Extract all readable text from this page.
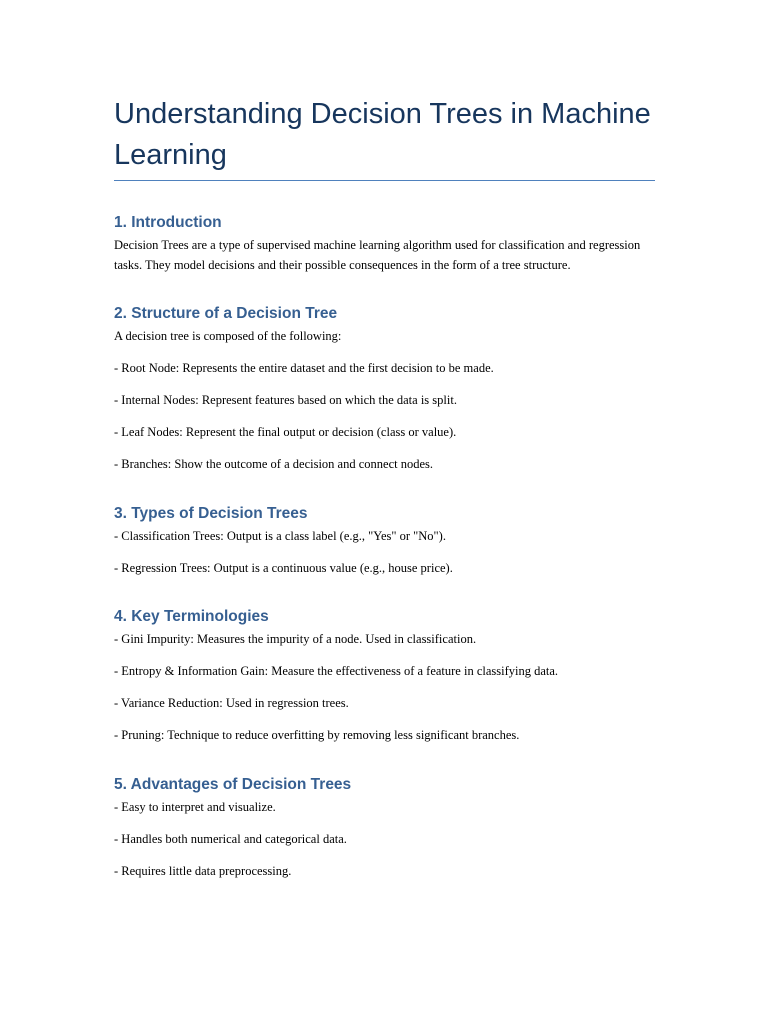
Understanding Decision Trees in Machine Learning
1. Introduction

Decision Trees are a type of supervised machine learning algorithm used for classification and regression tasks. They model decisions and their possible consequences in the form of a tree structure.

2. Structure of a Decision Tree

A decision tree is composed of the following:

- Root Node: Represents the entire dataset and the first decision to be made.

- Internal Nodes: Represent features based on which the data is split.

- Leaf Nodes: Represent the final output or decision (class or value).

- Branches: Show the outcome of a decision and connect nodes.

3. Types of Decision Trees

- Classification Trees: Output is a class label (e.g., "Yes" or "No").

- Regression Trees: Output is a continuous value (e.g., house price).

4. Key Terminologies

- Gini Impurity: Measures the impurity of a node. Used in classification.

- Entropy & Information Gain: Measure the effectiveness of a feature in classifying data.

- Variance Reduction: Used in regression trees.

- Pruning: Technique to reduce overfitting by removing less significant branches.

5. Advantages of Decision Trees

- Easy to interpret and visualize.

- Handles both numerical and categorical data.

- Requires little data preprocessing.
